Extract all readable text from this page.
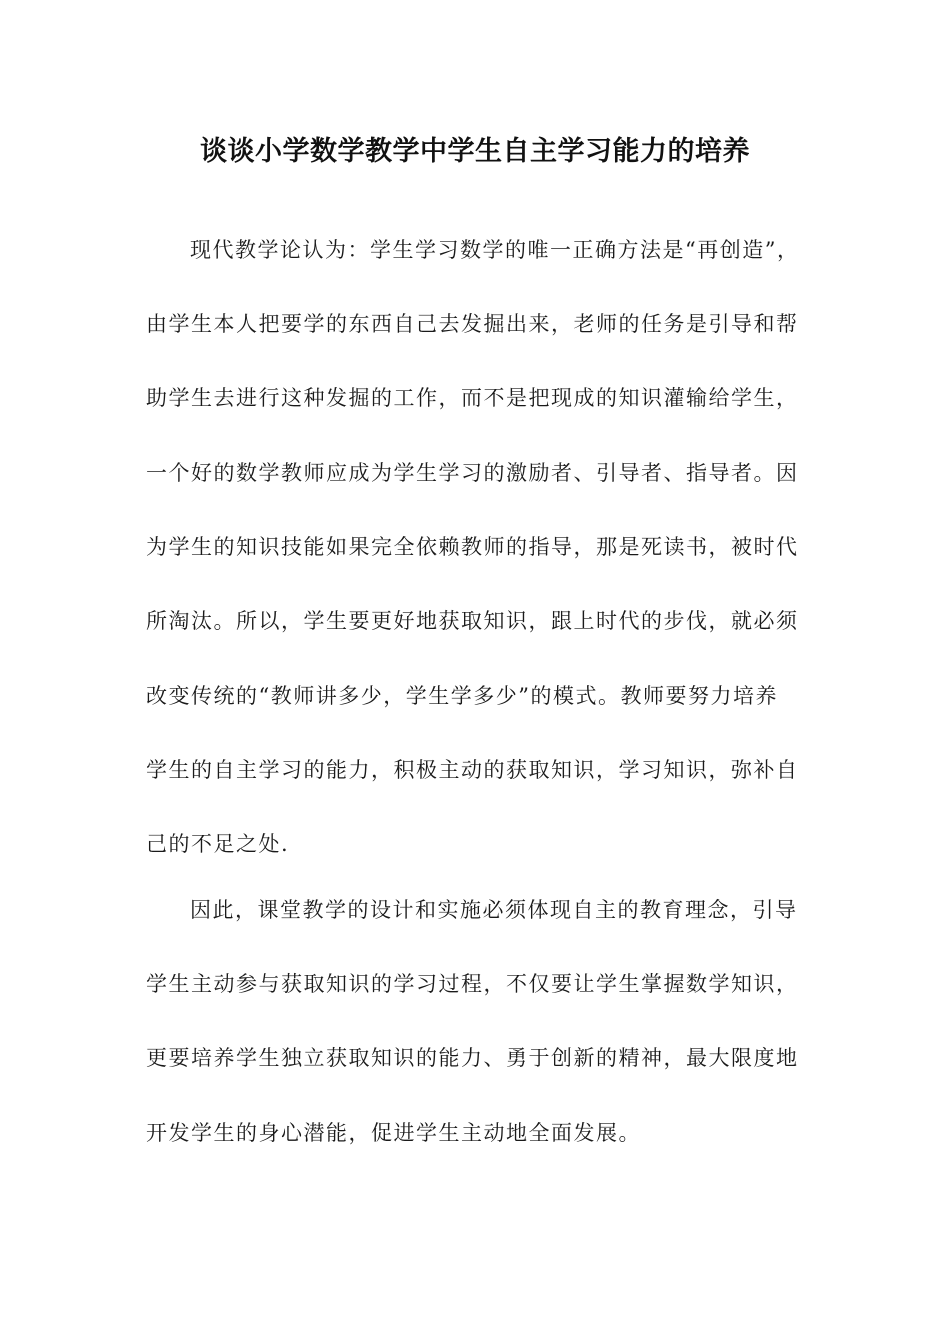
谈谈小学数学教学中学生自主学习能力的培养
现代教学论认为：学生学习数学的唯一正确方法是“再创造”，
由学生本人把要学的东西自己去发掘出来，老师的任务是引导和帮
助学生去进行这种发掘的工作，而不是把现成的知识灌输给学生，
一个好的数学教师应成为学生学习的激励者、引导者、指导者。因
为学生的知识技能如果完全依赖教师的指导，那是死读书，被时代
所淘汰。所以，学生要更好地获取知识，跟上时代的步伐，就必须
改变传统的“教师讲多少，学生学多少”的模式。教师要努力培养
学生的自主学习的能力，积极主动的获取知识，学习知识，弥补自
己的不足之处.
因此，课堂教学的设计和实施必须体现自主的教育理念，引导
学生主动参与获取知识的学习过程，不仅要让学生掌握数学知识，
更要培养学生独立获取知识的能力、勇于创新的精神，最大限度地
开发学生的身心潜能，促进学生主动地全面发展。
